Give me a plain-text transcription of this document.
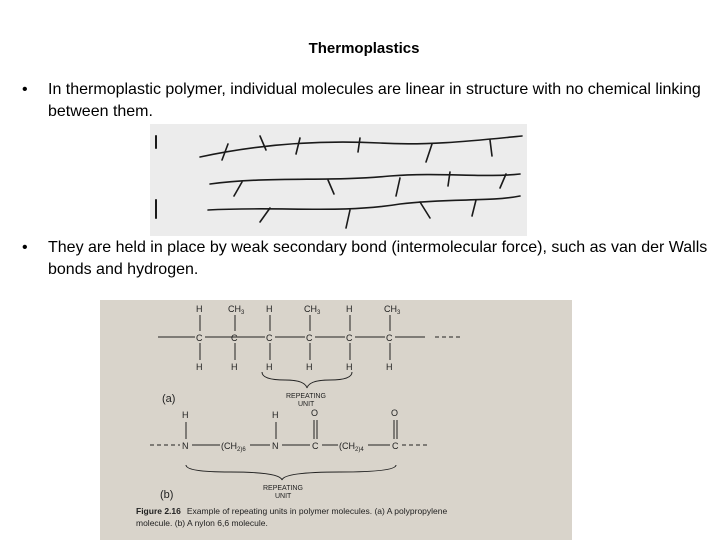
Thermoplastics
• In thermoplastic polymer, individual molecules are linear in structure with no chemical linking between them.
• They are held in place by weak secondary bond (intermolecular force), such as van der Walls bonds and hydrogen.
C	C	C	C	C	C
H	H	H
$CH_3$	$CH_3$	$CH_3$
H	H	H	H	H	H
REPEATING
UNIT
(a)
N	N	C	C
H	H	O	O
($CH_{2)6}$	($CH_{2)4}$
REPEATING
UNIT
(b)
Figure 2.16 Example of repeating units in polymer molecules. (a) A polypropylene
molecule. (b) A nylon 6,6 molecule.
